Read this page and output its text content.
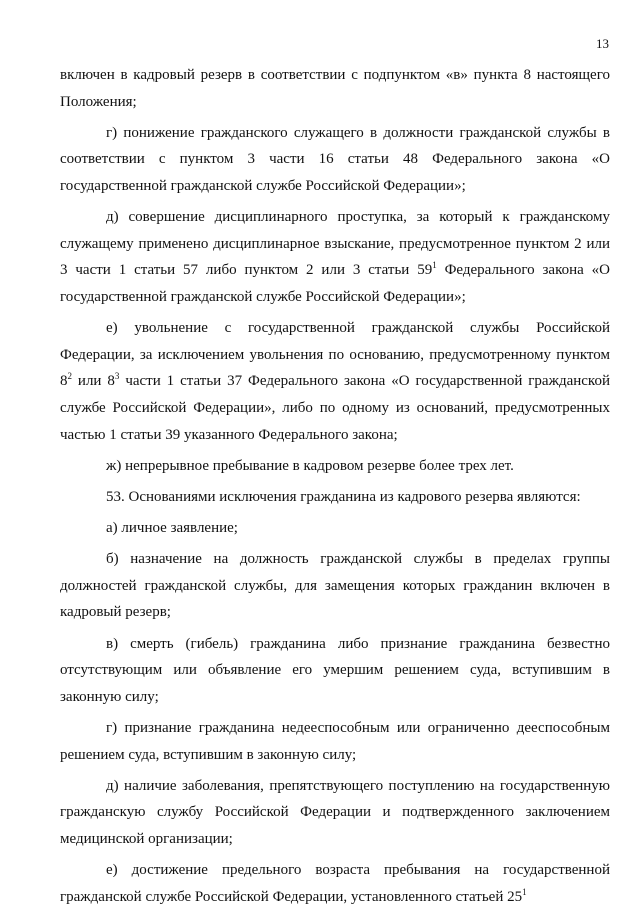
13

включен в кадровый резерв в соответствии с подпунктом «в» пункта 8 настоящего Положения;

г) понижение гражданского служащего в должности гражданской службы в соответствии с пунктом 3 части 16 статьи 48 Федерального закона «О государственной гражданской службе Российской Федерации»;

д) совершение дисциплинарного проступка, за который к гражданскому служащему применено дисциплинарное взыскание, предусмотренное пунктом 2 или 3 части 1 статьи 57 либо пунктом 2 или 3 статьи $59^1$ Федерального закона «О государственной гражданской службе Российской Федерации»;

е) увольнение с государственной гражданской службы Российской Федерации, за исключением увольнения по основанию, предусмотренному пунктом $8^2$ или $8^3$ части 1 статьи 37 Федерального закона «О государственной гражданской службе Российской Федерации», либо по одному из оснований, предусмотренных частью 1 статьи 39 указанного Федерального закона;

ж) непрерывное пребывание в кадровом резерве более трех лет.

53. Основаниями исключения гражданина из кадрового резерва являются:

а) личное заявление;

б) назначение на должность гражданской службы в пределах группы должностей гражданской службы, для замещения которых гражданин включен в кадровый резерв;

в) смерть (гибель) гражданина либо признание гражданина безвестно отсутствующим или объявление его умершим решением суда, вступившим в законную силу;

г) признание гражданина недееспособным или ограниченно дееспособным решением суда, вступившим в законную силу;

д) наличие заболевания, препятствующего поступлению на государственную гражданскую службу Российской Федерации и подтвержденного заключением медицинской организации;

е) достижение предельного возраста пребывания на государственной гражданской службе Российской Федерации, установленного статьей $25^1$
